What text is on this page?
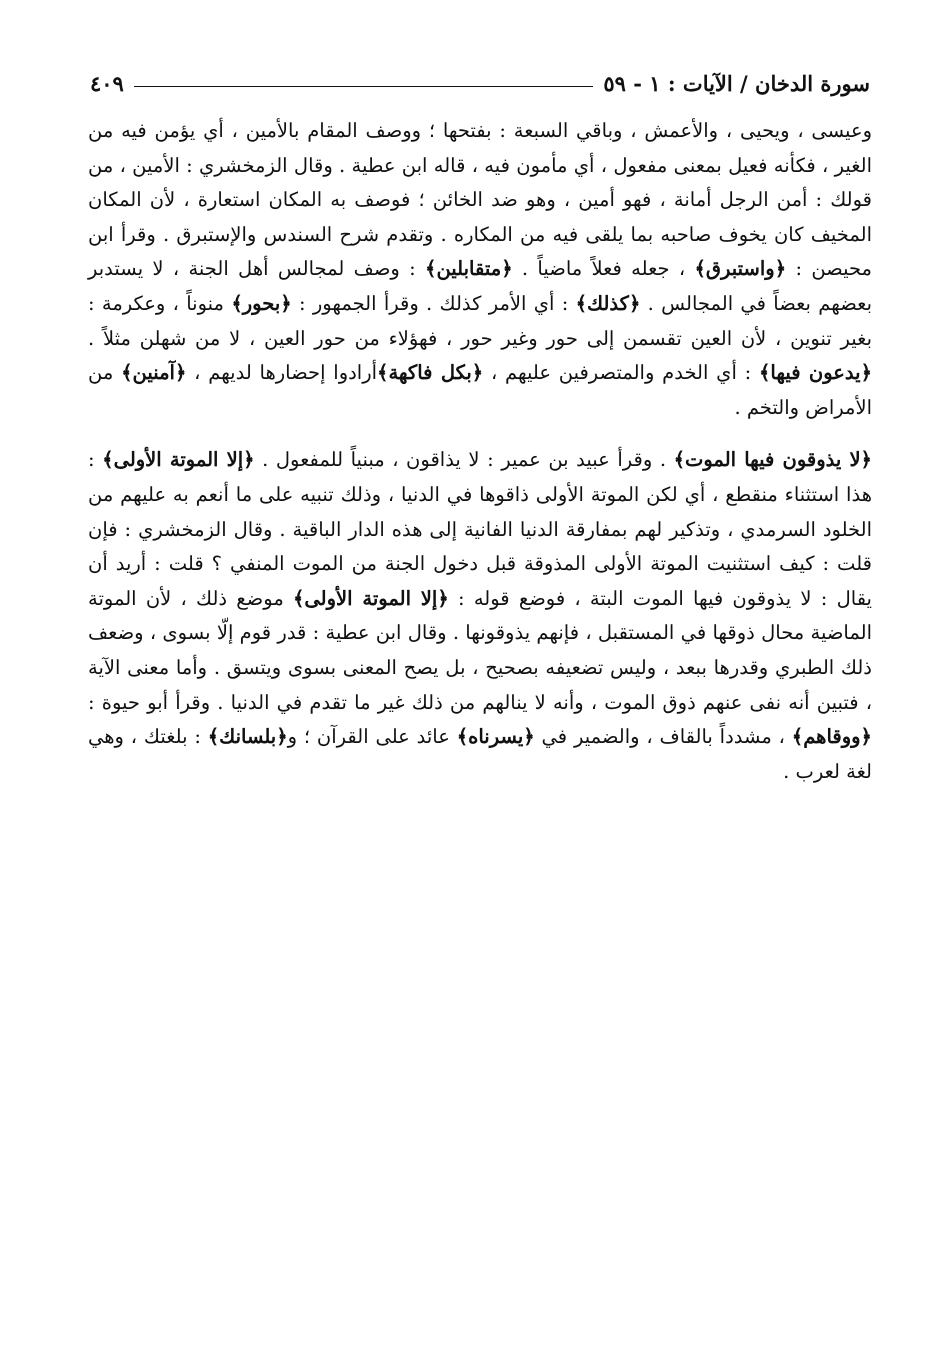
سورة الدخان / الآيات : ١ - ٥٩
٤٠٩

وعيسى ، ويحيى ، والأعمش ، وباقي السبعة : بفتحها ؛ ووصف المقام بالأمين ، أي يؤمن فيه من الغير ، فكأنه فعيل بمعنى مفعول ، أي مأمون فيه ، قاله ابن عطية . وقال الزمخشري : الأمين ، من قولك : أمن الرجل أمانة ، فهو أمين ، وهو ضد الخائن ؛ فوصف به المكان استعارة ، لأن المكان المخيف كان يخوف صاحبه بما يلقى فيه من المكاره . وتقدم شرح السندس والإستبرق . وقرأ ابن محيصن : ﴿واستبرق﴾ ، جعله فعلاً ماضياً . ﴿متقابلين﴾ : وصف لمجالس أهل الجنة ، لا يستدبر بعضهم بعضاً في المجالس . ﴿كذلك﴾ : أي الأمر كذلك . وقرأ الجمهور : ﴿بحور﴾ منوناً ، وعكرمة : بغير تنوين ، لأن العين تقسمن إلى حور وغير حور ، فهؤلاء من حور العين ، لا من شهلن مثلاً . ﴿يدعون فيها﴾ : أي الخدم والمتصرفين عليهم ، ﴿بكل فاكهة﴾أرادوا إحضارها لديهم ، ﴿آمنين﴾ من الأمراض والتخم .

﴿لا يذوقون فيها الموت﴾ . وقرأ عبيد بن عمير : لا يذاقون ، مبنياً للمفعول . ﴿إلا الموتة الأولى﴾ : هذا استثناء منقطع ، أي لكن الموتة الأولى ذاقوها في الدنيا ، وذلك تنبيه على ما أنعم به عليهم من الخلود السرمدي ، وتذكير لهم بمفارقة الدنيا الفانية إلى هذه الدار الباقية . وقال الزمخشري : فإن قلت : كيف استثنيت الموتة الأولى المذوقة قبل دخول الجنة من الموت المنفي ؟ قلت : أريد أن يقال : لا يذوقون فيها الموت البتة ، فوضع قوله : ﴿إلا الموتة الأولى﴾ موضع ذلك ، لأن الموتة الماضية محال ذوقها في المستقبل ، فإنهم يذوقونها . وقال ابن عطية : قدر قوم إلّا بسوى ، وضعف ذلك الطبري وقدرها ببعد ، وليس تضعيفه بصحيح ، بل يصح المعنى بسوى ويتسق . وأما معنى الآية ، فتبين أنه نفى عنهم ذوق الموت ، وأنه لا ينالهم من ذلك غير ما تقدم في الدنيا . وقرأ أبو حيوة : ﴿ووقاهم﴾ ، مشدداً بالقاف ، والضمير في ﴿يسرناه﴾ عائد على القرآن ؛ و﴿بلسانك﴾ : بلغتك ، وهي لغة لعرب .
